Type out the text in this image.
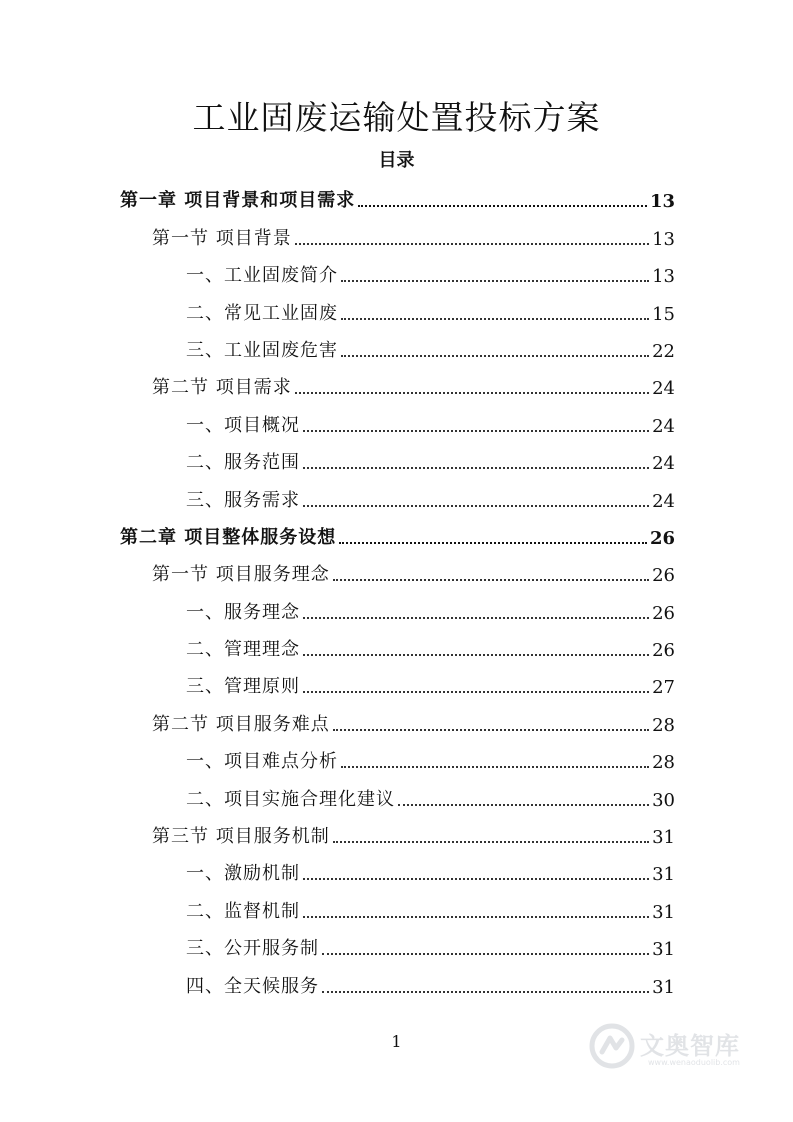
工业固废运输处置投标方案
目录
第一章 项目背景和项目需求	13
第一节 项目背景	13
一、工业固废简介	13
二、常见工业固废	15
三、工业固废危害	22
第二节 项目需求	24
一、项目概况	24
二、服务范围	24
三、服务需求	24
第二章 项目整体服务设想	26
第一节 项目服务理念	26
一、服务理念	26
二、管理理念	26
三、管理原则	27
第二节 项目服务难点	28
一、项目难点分析	28
二、项目实施合理化建议	30
第三节 项目服务机制	31
一、激励机制	31
二、监督机制	31
三、公开服务制	31
四、全天候服务	31
1	文奥智库
www.wenaoduolib.com
